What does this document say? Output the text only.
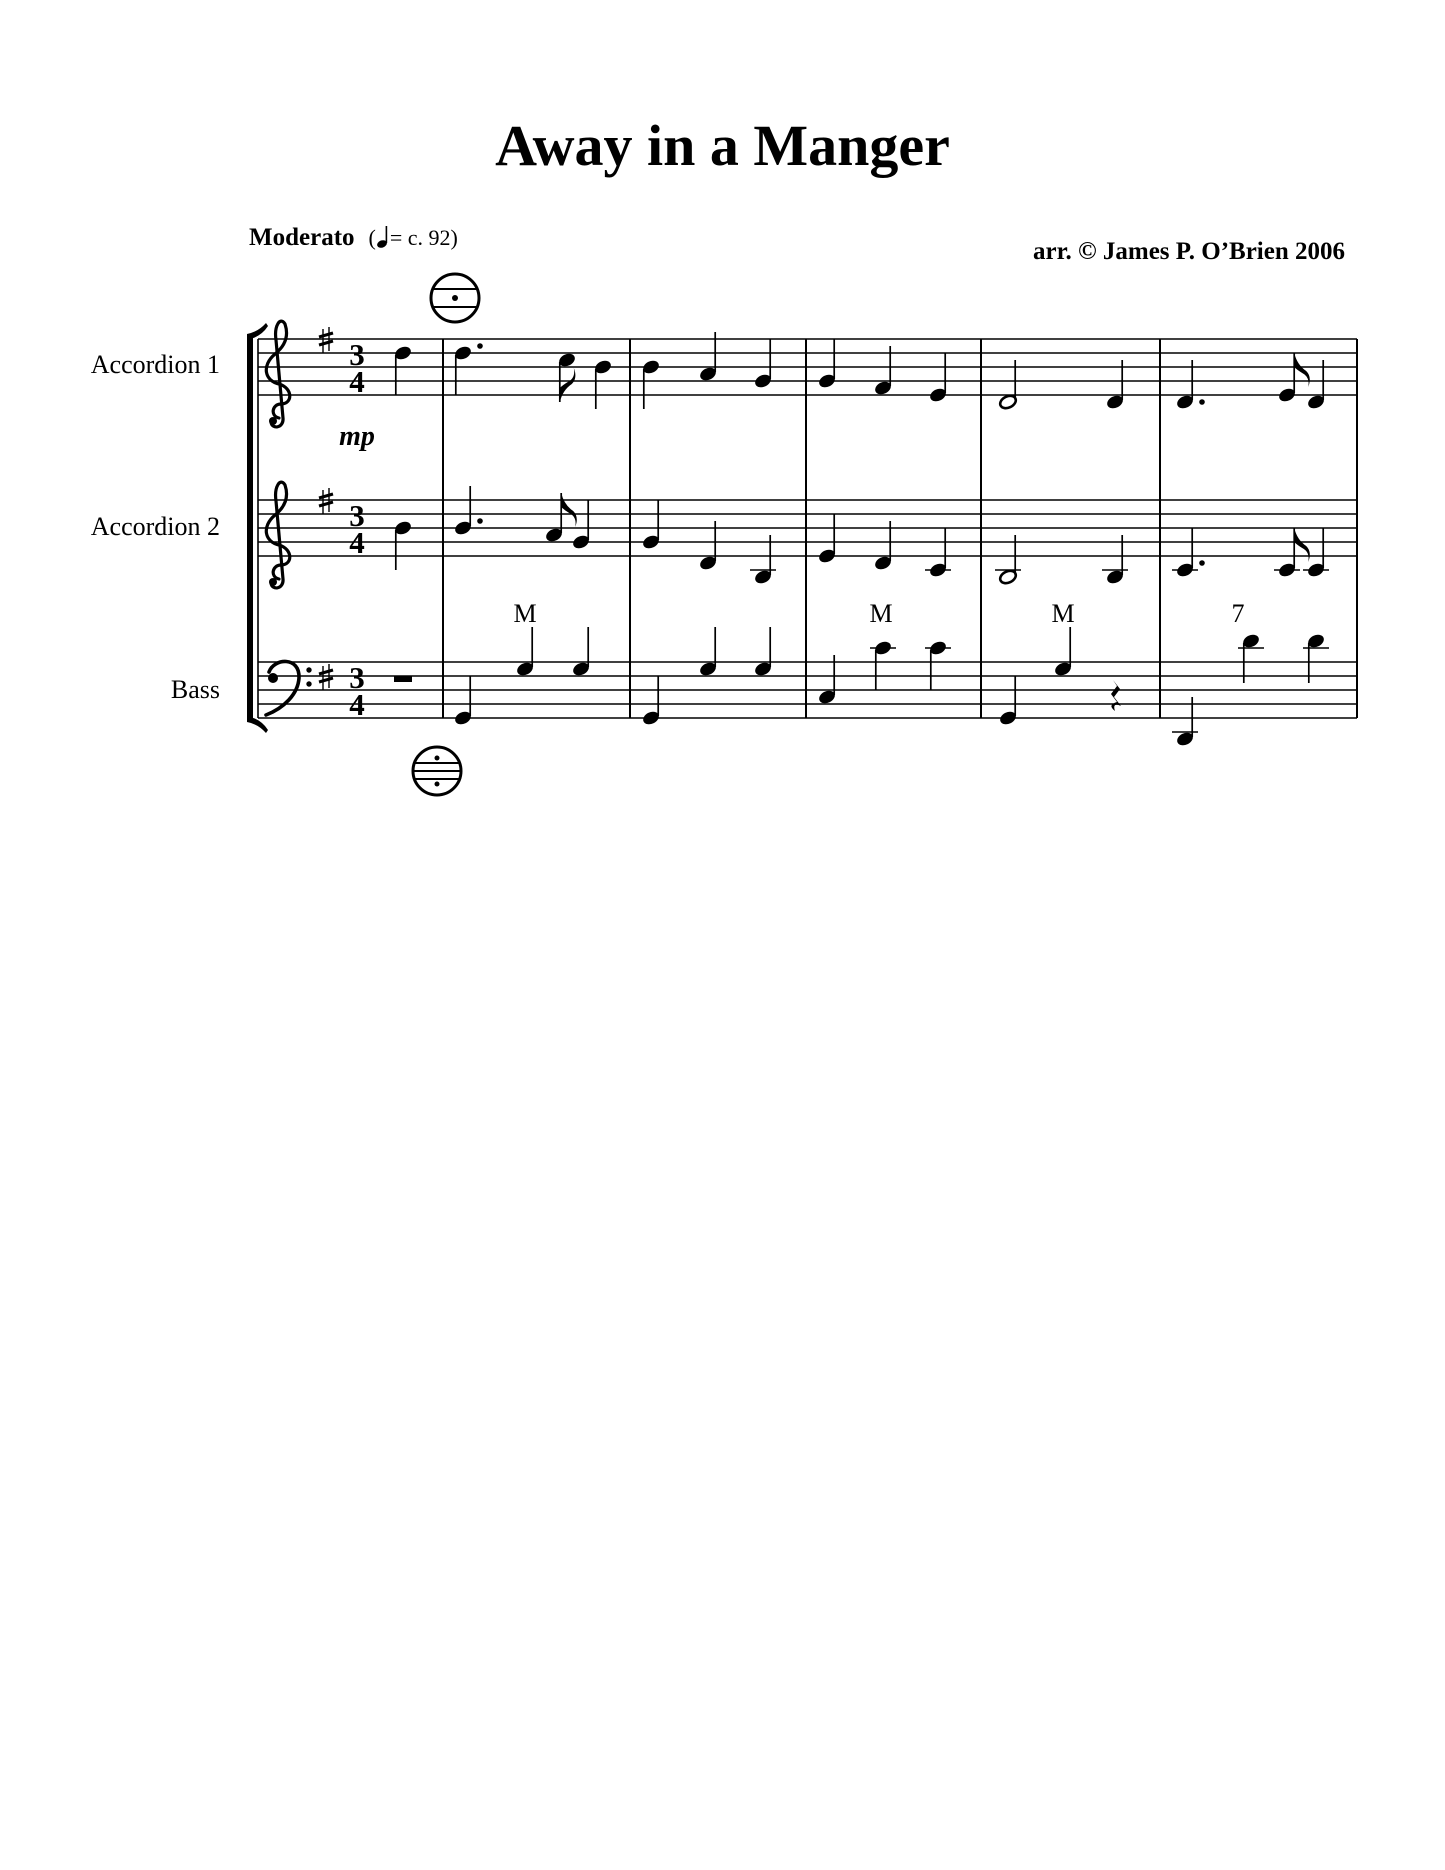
Away in a Manger
Moderato ( = c. 92)
arr. © James P. O’Brien 2006
Accordion 1
Accordion 2
Bass
3
4
3
4
3
4
mp
M	M	M	7
